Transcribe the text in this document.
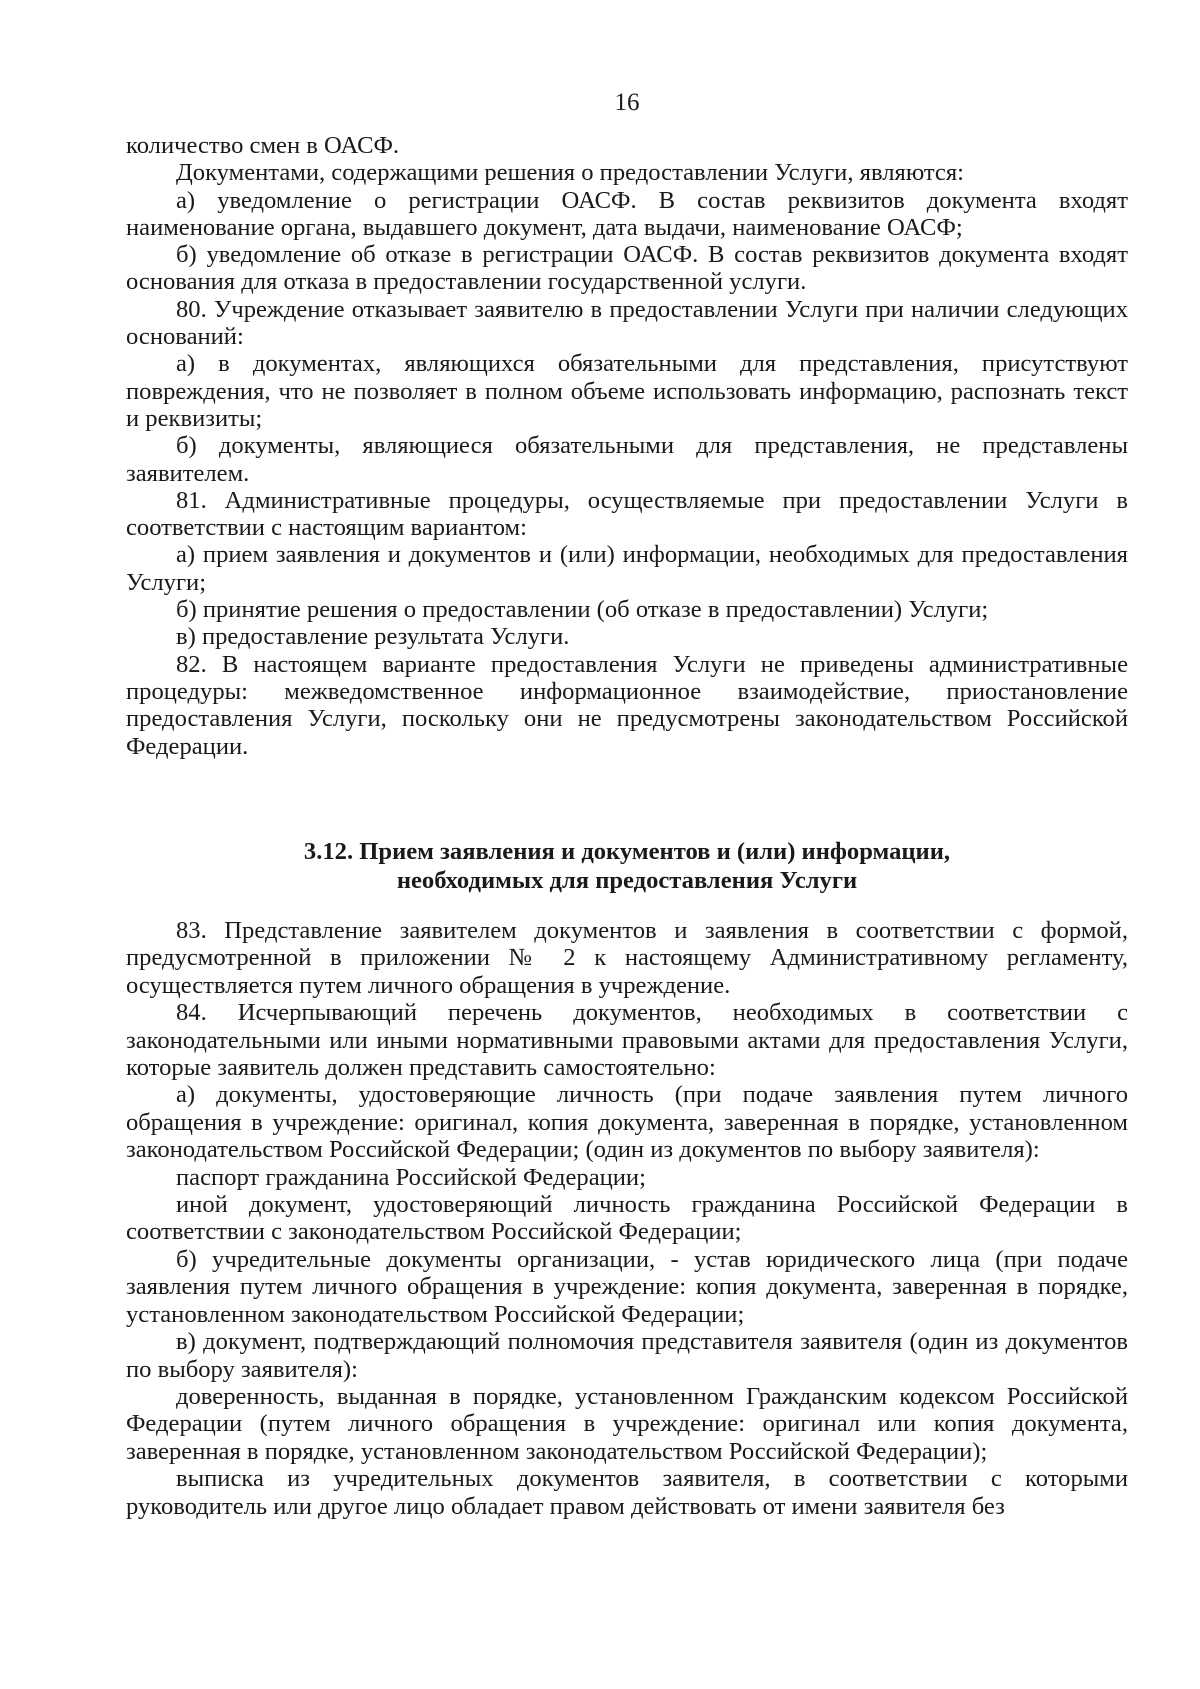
16

количество смен в ОАСФ.

Документами, содержащими решения о предоставлении Услуги, являются:

а) уведомление о регистрации ОАСФ. В состав реквизитов документа входят наименование органа, выдавшего документ, дата выдачи, наименование ОАСФ;

б) уведомление об отказе в регистрации ОАСФ. В состав реквизитов документа входят основания для отказа в предоставлении государственной услуги.

80. Учреждение отказывает заявителю в предоставлении Услуги при наличии следующих оснований:

а) в документах, являющихся обязательными для представления, присутствуют повреждения, что не позволяет в полном объеме использовать информацию, распознать текст и реквизиты;

б) документы, являющиеся обязательными для представления, не представлены заявителем.

81. Административные процедуры, осуществляемые при предоставлении Услуги в соответствии с настоящим вариантом:

а) прием заявления и документов и (или) информации, необходимых для предоставления Услуги;

б) принятие решения о предоставлении (об отказе в предоставлении) Услуги;

в) предоставление результата Услуги.

82. В настоящем варианте предоставления Услуги не приведены административные процедуры: межведомственное информационное взаимодействие, приостановление предоставления Услуги, поскольку они не предусмотрены законодательством Российской Федерации.

3.12. Прием заявления и документов и (или) информации,
необходимых для предоставления Услуги

83. Представление заявителем документов и заявления в соответствии с формой, предусмотренной в приложении № 2 к настоящему Административному регламенту, осуществляется путем личного обращения в учреждение.

84. Исчерпывающий перечень документов, необходимых в соответствии с законодательными или иными нормативными правовыми актами для предоставления Услуги, которые заявитель должен представить самостоятельно:

а) документы, удостоверяющие личность (при подаче заявления путем личного обращения в учреждение: оригинал, копия документа, заверенная в порядке, установленном законодательством Российской Федерации; (один из документов по выбору заявителя):

паспорт гражданина Российской Федерации;

иной документ, удостоверяющий личность гражданина Российской Федерации в соответствии с законодательством Российской Федерации;

б) учредительные документы организации, - устав юридического лица (при подаче заявления путем личного обращения в учреждение: копия документа, заверенная в порядке, установленном законодательством Российской Федерации;

в) документ, подтверждающий полномочия представителя заявителя (один из документов по выбору заявителя):

доверенность, выданная в порядке, установленном Гражданским кодексом Российской Федерации (путем личного обращения в учреждение: оригинал или копия документа, заверенная в порядке, установленном законодательством Российской Федерации);

выписка из учредительных документов заявителя, в соответствии с которыми руководитель или другое лицо обладает правом действовать от имени заявителя без
